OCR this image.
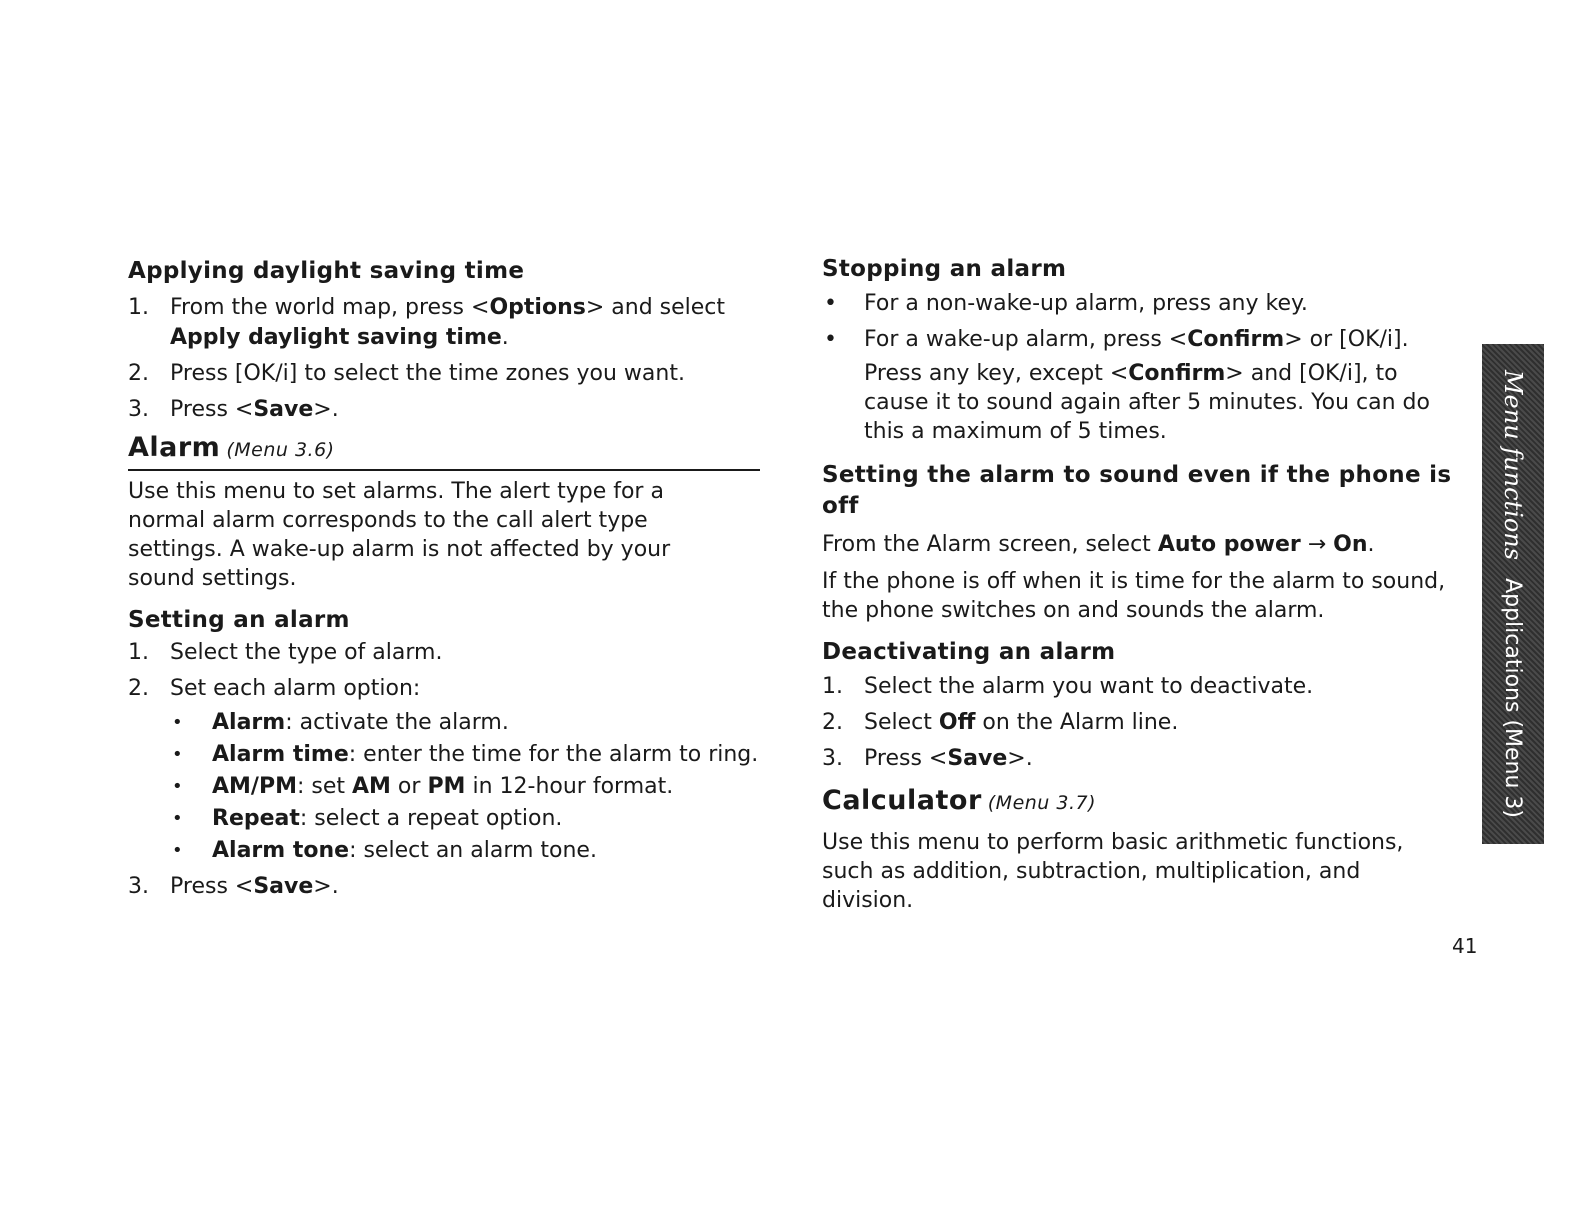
Applying daylight saving time
1. From the world map, press <Options> and select Apply daylight saving time.
2. Press [OK/i] to select the time zones you want.
3. Press <Save>.
Alarm (Menu 3.6)

Use this menu to set alarms. The alert type for a normal alarm corresponds to the call alert type settings. A wake-up alarm is not affected by your sound settings.

Setting an alarm
1. Select the type of alarm.
2. Set each alarm option:
• Alarm: activate the alarm.
• Alarm time: enter the time for the alarm to ring.
• AM/PM: set AM or PM in 12-hour format.
• Repeat: select a repeat option.
• Alarm tone: select an alarm tone.
3. Press <Save>.
Stopping an alarm
• For a non-wake-up alarm, press any key.
• For a wake-up alarm, press <Confirm> or [OK/i].

Press any key, except <Confirm> and [OK/i], to cause it to sound again after 5 minutes. You can do this a maximum of 5 times.

Setting the alarm to sound even if the phone is off

From the Alarm screen, select Auto power → On.

If the phone is off when it is time for the alarm to sound, the phone switches on and sounds the alarm.

Deactivating an alarm
1. Select the alarm you want to deactivate.
2. Select Off on the Alarm line.
3. Press <Save>.
Calculator (Menu 3.7)

Use this menu to perform basic arithmetic functions, such as addition, subtraction, multiplication, and division.

Menu functions
Applications (Menu 3)
41
